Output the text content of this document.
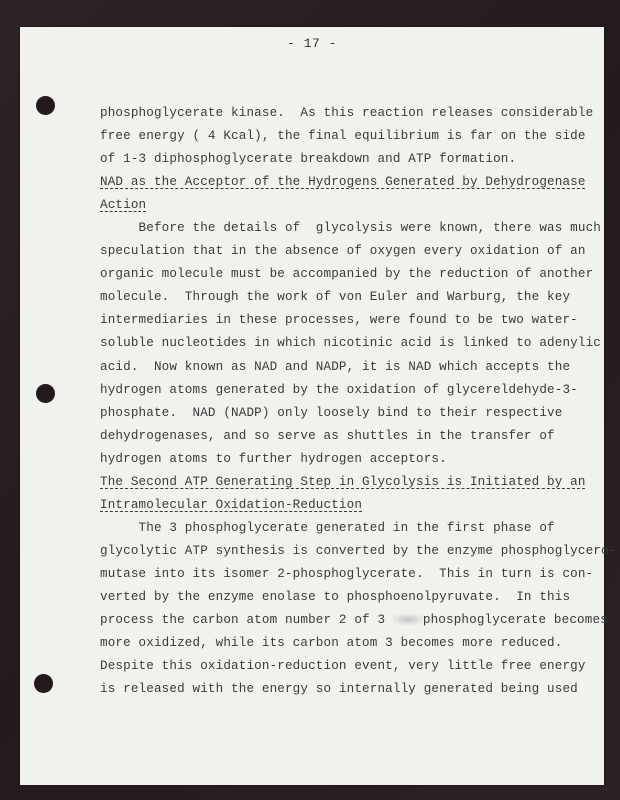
- 17 -
phosphoglycerate kinase.  As this reaction releases considerable
free energy ( 4 Kcal), the final equilibrium is far on the side
of 1-3 diphosphoglycerate breakdown and ATP formation.
NAD as the Acceptor of the Hydrogens Generated by Dehydrogenase
Action
Before the details of  glycolysis were known, there was much
speculation that in the absence of oxygen every oxidation of an
organic molecule must be accompanied by the reduction of another
molecule.  Through the work of von Euler and Warburg, the key
intermediaries in these processes, were found to be two water-
soluble nucleotides in which nicotinic acid is linked to adenylic
acid.  Now known as NAD and NADP, it is NAD which accepts the
hydrogen atoms generated by the oxidation of glycereldehyde-3-
phosphate.  NAD (NADP) only loosely bind to their respective
dehydrogenases, and so serve as shuttles in the transfer of
hydrogen atoms to further hydrogen acceptors.
The Second ATP Generating Step in Glycolysis is Initiated by an
Intramolecular Oxidation-Reduction
The 3 phosphoglycerate generated in the first phase of
glycolytic ATP synthesis is converted by the enzyme phosphoglycero-
mutase into its isomer 2-phosphoglycerate.  This in turn is con-
verted by the enzyme enolase to phosphoenolpyruvate.  In this
process the carbon atom number 2 of 3 phosphoglycerate becomes
more oxidized, while its carbon atom 3 becomes more reduced.
Despite this oxidation-reduction event, very little free energy
is released with the energy so internally generated being used
